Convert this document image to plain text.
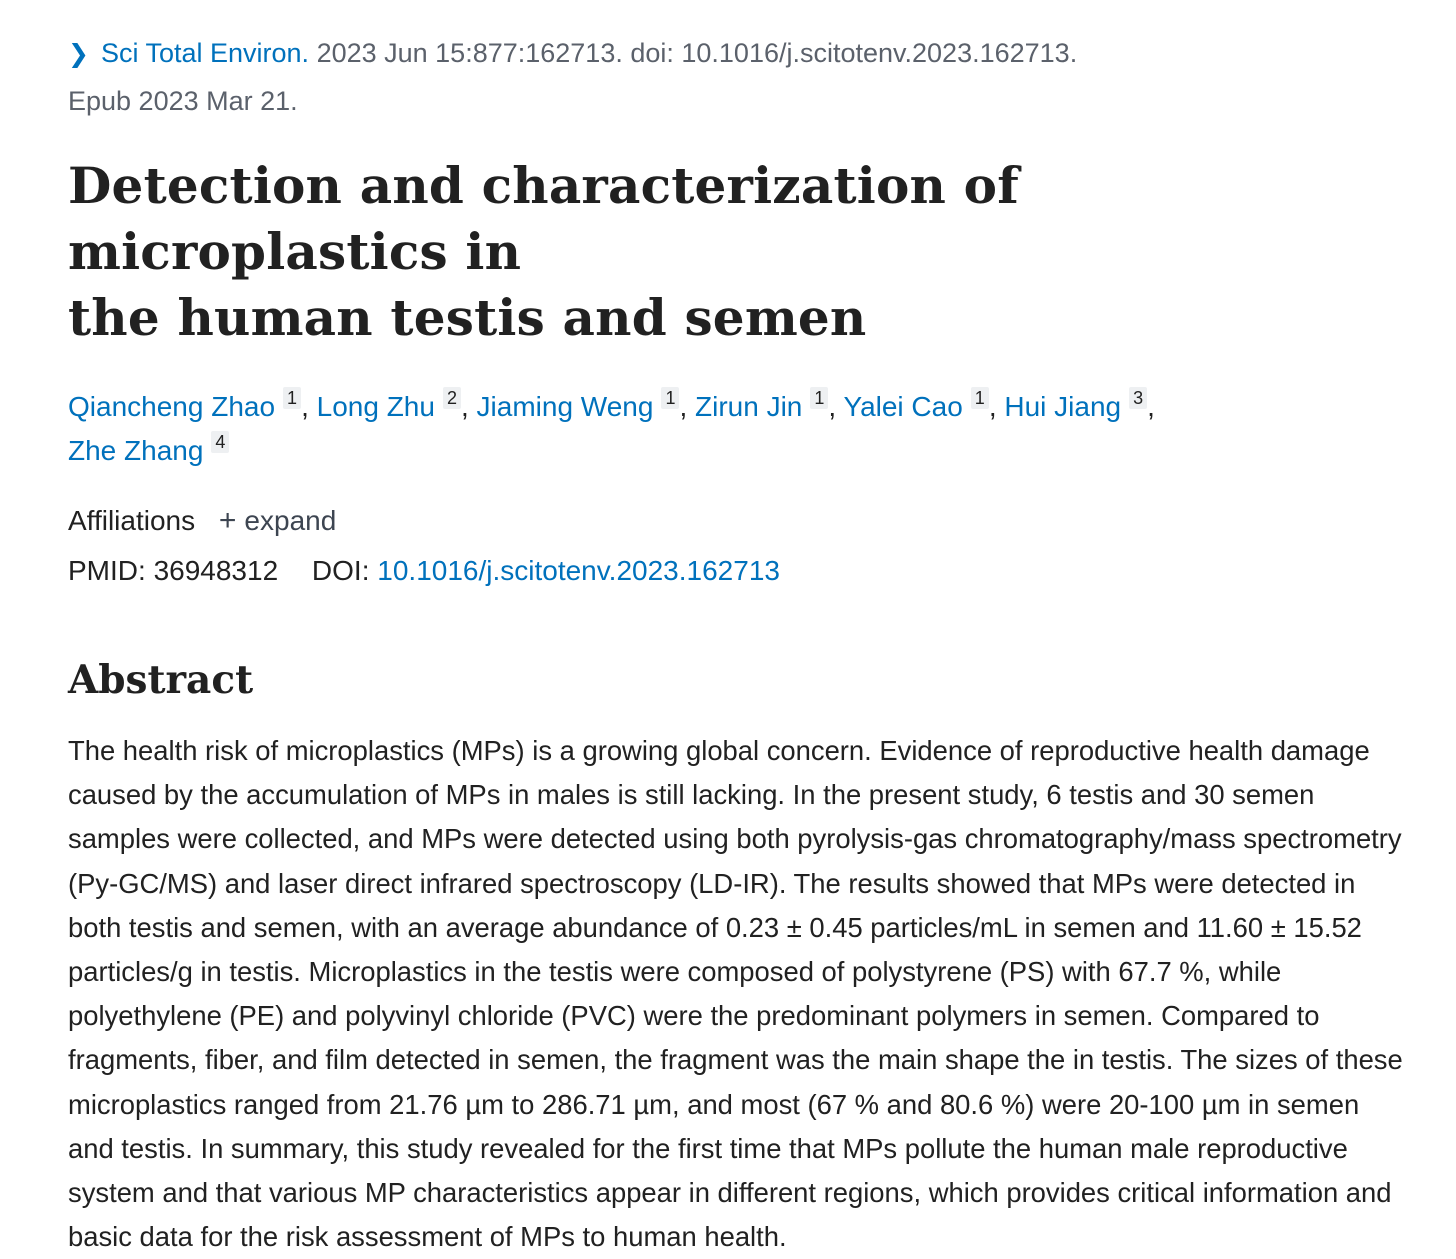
❯ Sci Total Environ. 2023 Jun 15:877:162713. doi: 10.1016/j.scitotenv.2023.162713.
Epub 2023 Mar 21.
Detection and characterization of microplastics in
the human testis and semen
Qiancheng Zhao 1 , Long Zhu 2 , Jiaming Weng 1 , Zirun Jin 1 , Yalei Cao 1 , Hui Jiang 3 ,
Zhe Zhang 4
Affiliations + expand
PMID: 36948312 DOI: 10.1016/j.scitotenv.2023.162713
Abstract
The health risk of microplastics (MPs) is a growing global concern. Evidence of reproductive health damage caused by the accumulation of MPs in males is still lacking. In the present study, 6 testis and 30 semen samples were collected, and MPs were detected using both pyrolysis-gas chromatography/mass spectrometry (Py-GC/MS) and laser direct infrared spectroscopy (LD-IR). The results showed that MPs were detected in both testis and semen, with an average abundance of 0.23 ± 0.45 particles/mL in semen and 11.60 ± 15.52 particles/g in testis. Microplastics in the testis were composed of polystyrene (PS) with 67.7 %, while polyethylene (PE) and polyvinyl chloride (PVC) were the predominant polymers in semen. Compared to fragments, fiber, and film detected in semen, the fragment was the main shape the in testis. The sizes of these microplastics ranged from 21.76 µm to 286.71 µm, and most (67 % and 80.6 %) were 20-100 µm in semen and testis. In summary, this study revealed for the first time that MPs pollute the human male reproductive system and that various MP characteristics appear in different regions, which provides critical information and basic data for the risk assessment of MPs to human health.
